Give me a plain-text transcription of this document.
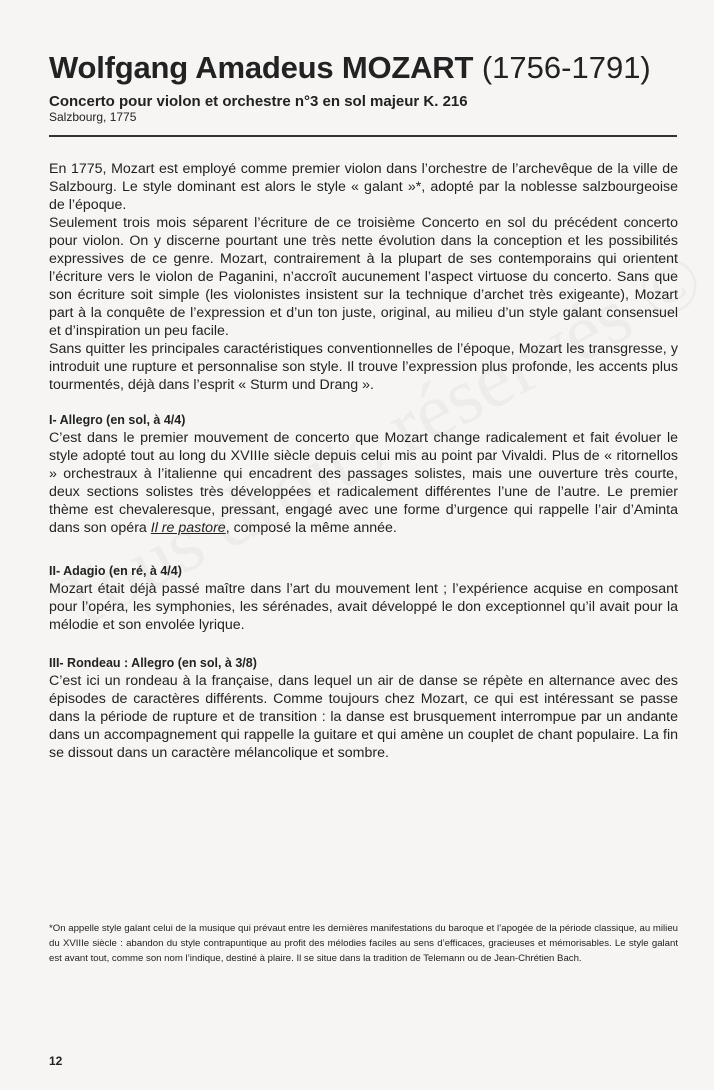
Wolfgang Amadeus MOZART (1756-1791)
Concerto pour violon et orchestre n°3 en sol majeur K. 216
Salzbourg, 1775

En 1775, Mozart est employé comme premier violon dans l’orchestre de l’archevêque de la ville de Salzbourg. Le style dominant est alors le style « galant »*, adopté par la noblesse salzbourgeoise de l’époque.

Seulement trois mois séparent l’écriture de ce troisième Concerto en sol du précédent concerto pour violon. On y discerne pourtant une très nette évolution dans la conception et les possibilités expressives de ce genre. Mozart, contrairement à la plupart de ses contemporains qui orientent l’écriture vers le violon de Paganini, n’accroît aucunement l’aspect virtuose du concerto. Sans que son écriture soit simple (les violonistes insistent sur la technique d’archet très exigeante), Mozart part à la conquête de l’expression et d’un ton juste, original, au milieu d’un style galant consensuel et d’inspiration un peu facile.

Sans quitter les principales caractéristiques conventionnelles de l’époque, Mozart les transgresse, y introduit une rupture et personnalise son style. Il trouve l’expression plus profonde, les accents plus tourmentés, déjà dans l’esprit « Sturm und Drang ».

I- Allegro (en sol, à 4/4)

C’est dans le premier mouvement de concerto que Mozart change radicalement et fait évoluer le style adopté tout au long du XVIIIe siècle depuis celui mis au point par Vivaldi. Plus de « ritornellos » orchestraux à l’italienne qui encadrent des passages solistes, mais une ouverture très courte, deux sections solistes très développées et radicalement différentes l’une de l’autre. Le premier thème est chevaleresque, pressant, engagé avec une forme d’urgence qui rappelle l’air d’Aminta dans son opéra Il re pastore, composé la même année.

II- Adagio (en ré, à 4/4)

Mozart était déjà passé maître dans l’art du mouvement lent ; l’expérience acquise en composant pour l’opéra, les symphonies, les sérénades, avait développé le don exceptionnel qu’il avait pour la mélodie et son envolée lyrique.

III- Rondeau : Allegro (en sol, à 3/8)

C’est ici un rondeau à la française, dans lequel un air de danse se répète en alternance avec des épisodes de caractères différents. Comme toujours chez Mozart, ce qui est intéressant se passe dans la période de rupture et de transition : la danse est brusquement interrompue par un andante dans un accompagnement qui rappelle la guitare et qui amène un couplet de chant populaire. La fin se dissout dans un caractère mélancolique et sombre.

*On appelle style galant celui de la musique qui prévaut entre les dernières manifestations du baroque et l’apogée de la période classique, au milieu du XVIIIe siècle : abandon du style contrapuntique au profit des mélodies faciles au sens d’efficaces, gracieuses et mémorisables. Le style galant est avant tout, comme son nom l’indique, destiné à plaire. Il se situe dans la tradition de Telemann ou de Jean-Chrétien Bach.
12
